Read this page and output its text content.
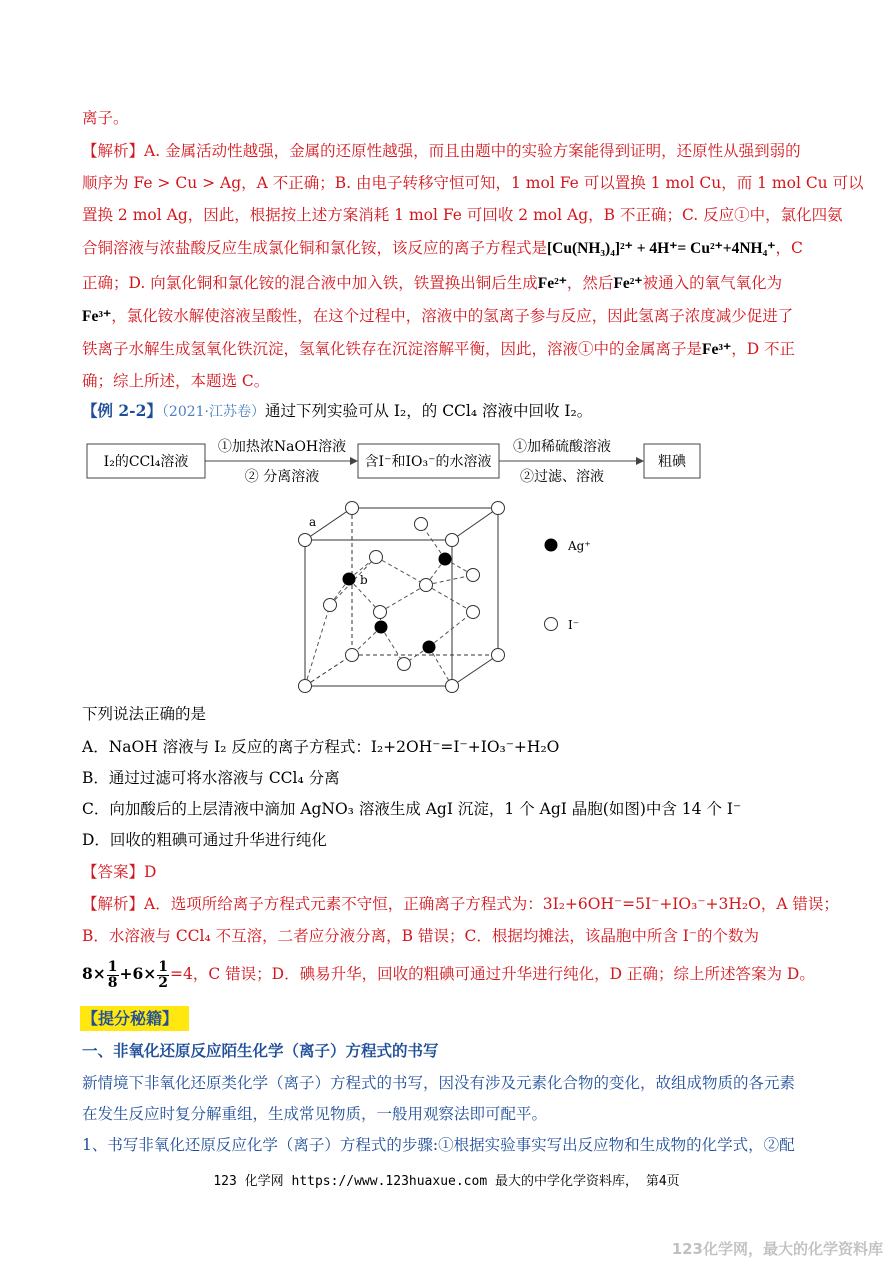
离子。
【解析】A. 金属活动性越强，金属的还原性越强，而且由题中的实验方案能得到证明，还原性从强到弱的
顺序为 Fe > Cu > Ag，A 不正确；B. 由电子转移守恒可知，1 mol Fe 可以置换 1 mol Cu，而 1 mol Cu 可以
置换 2 mol Ag，因此，根据按上述方案消耗 1 mol Fe 可回收 2 mol Ag，B 不正确；C. 反应①中，氯化四氨
合铜溶液与浓盐酸反应生成氯化铜和氯化铵，该反应的离子方程式是[Cu(NH₃)₄]²⁺ + 4H⁺= Cu²⁺+4NH₄⁺，C
正确；D. 向氯化铜和氯化铵的混合液中加入铁，铁置换出铜后生成Fe²⁺，然后Fe²⁺被通入的氧气氧化为
Fe³⁺，氯化铵水解使溶液呈酸性，在这个过程中，溶液中的氢离子参与反应，因此氢离子浓度减少促进了
铁离子水解生成氢氧化铁沉淀，氢氧化铁存在沉淀溶解平衡，因此，溶液①中的金属离子是Fe³⁺，D 不正
确；综上所述，本题选 C。
【例 2-2】（2021·江苏卷）通过下列实验可从 I₂，的 CCl₄ 溶液中回收 I₂。
I₂的CCl₄溶液
①加热浓NaOH溶液
② 分离溶液
含I⁻和IO₃⁻的水溶液
①加稀硫酸溶液
②过滤、溶液
粗碘
a
b
Ag⁺
I⁻
下列说法正确的是
A．NaOH 溶液与 I₂ 反应的离子方程式：I₂+2OH⁻=I⁻+IO₃⁻+H₂O
B．通过过滤可将水溶液与 CCl₄ 分离
C．向加酸后的上层清液中滴加 AgNO₃ 溶液生成 AgI 沉淀，1 个 AgI 晶胞(如图)中含 14 个 I⁻
D．回收的粗碘可通过升华进行纯化
【答案】D
【解析】A．选项所给离子方程式元素不守恒，正确离子方程式为：3I₂+6OH⁻=5I⁻+IO₃⁻+3H₂O，A 错误；
B．水溶液与 CCl₄ 不互溶，二者应分液分离，B 错误；C．根据均摊法，该晶胞中所含 I⁻的个数为
$8\times \frac{1}{8} +6\times \frac{1}{2} =4$，C 错误；D．碘易升华，回收的粗碘可通过升华进行纯化，D 正确；综上所述答案为 D。
【提分秘籍】
一、非氧化还原反应陌生化学（离子）方程式的书写
新情境下非氧化还原类化学（离子）方程式的书写，因没有涉及元素化合物的变化，故组成物质的各元素
在发生反应时复分解重组，生成常见物质，一般用观察法即可配平。
1、书写非氧化还原反应化学（离子）方程式的步骤:①根据实验事实写出反应物和生成物的化学式，②配
123 化学网 https://www.123huaxue.com 最大的中学化学资料库， 第4页
123化学网，最大的化学资料库
